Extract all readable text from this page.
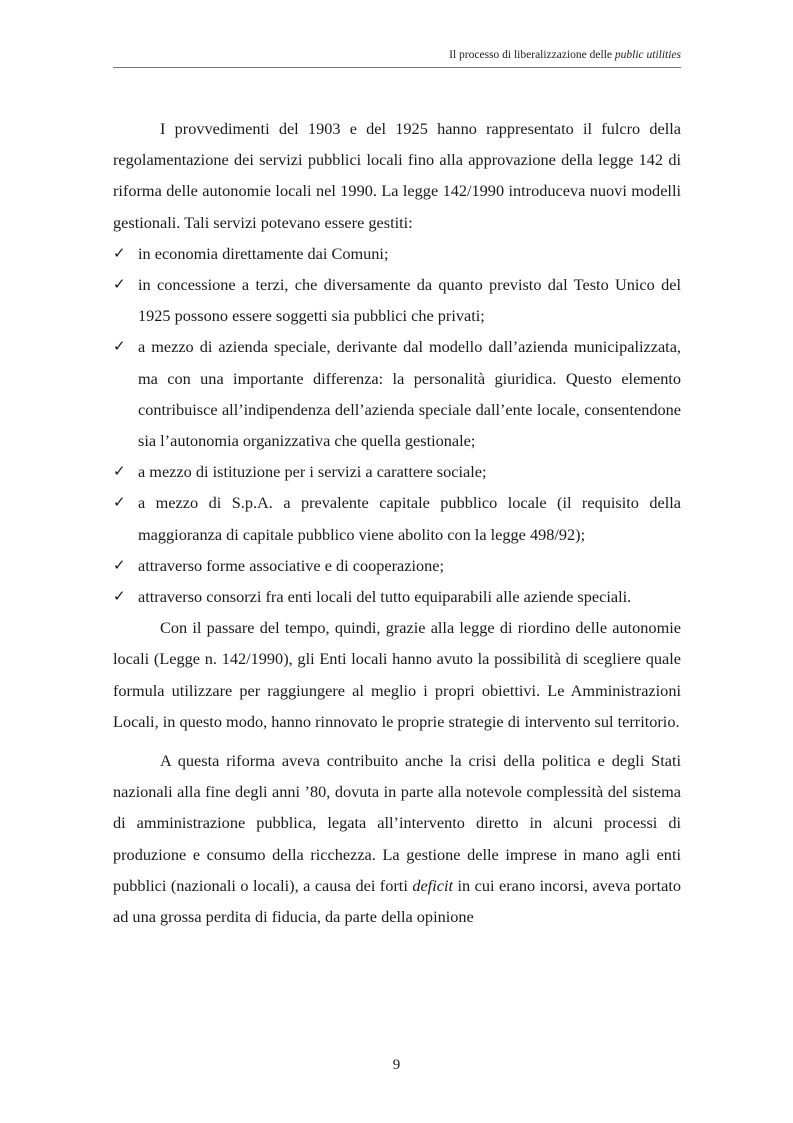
Il processo di liberalizzazione delle public utilities

I provvedimenti del 1903 e del 1925 hanno rappresentato il fulcro della regolamentazione dei servizi pubblici locali fino alla approvazione della legge 142 di riforma delle autonomie locali nel 1990. La legge 142/1990 introduceva nuovi modelli gestionali. Tali servizi potevano essere gestiti:

✓ in economia direttamente dai Comuni;
✓ in concessione a terzi, che diversamente da quanto previsto dal Testo Unico del 1925 possono essere soggetti sia pubblici che privati;
✓ a mezzo di azienda speciale, derivante dal modello dall’azienda municipalizzata, ma con una importante differenza: la personalità giuridica. Questo elemento contribuisce all’indipendenza dell’azienda speciale dall’ente locale, consentendone sia l’autonomia organizzativa che quella gestionale;
✓ a mezzo di istituzione per i servizi a carattere sociale;
✓ a mezzo di S.p.A. a prevalente capitale pubblico locale (il requisito della maggioranza di capitale pubblico viene abolito con la legge 498/92);
✓ attraverso forme associative e di cooperazione;
✓ attraverso consorzi fra enti locali del tutto equiparabili alle aziende speciali.

Con il passare del tempo, quindi, grazie alla legge di riordino delle autonomie locali (Legge n. 142/1990), gli Enti locali hanno avuto la possibilità di scegliere quale formula utilizzare per raggiungere al meglio i propri obiettivi. Le Amministrazioni Locali, in questo modo, hanno rinnovato le proprie strategie di intervento sul territorio.

A questa riforma aveva contribuito anche la crisi della politica e degli Stati nazionali alla fine degli anni ’80, dovuta in parte alla notevole complessità del sistema di amministrazione pubblica, legata all’intervento diretto in alcuni processi di produzione e consumo della ricchezza. La gestione delle imprese in mano agli enti pubblici (nazionali o locali), a causa dei forti deficit in cui erano incorsi, aveva portato ad una grossa perdita di fiducia, da parte della opinione

9
